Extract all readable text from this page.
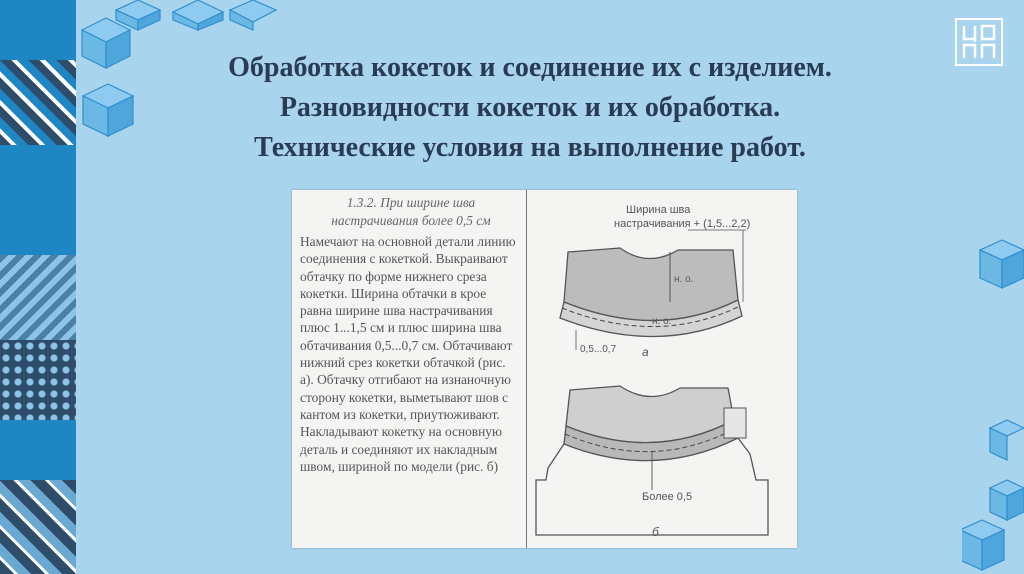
Обработка кокеток и соединение их с изделием.
Разновидности кокеток и их обработка.
Технические условия на выполнение работ.
1.3.2. При ширине шва
настрачивания более 0,5 см
Намечают на основной детали линию соединения с кокеткой. Выкраивают обтачку по форме нижнего среза кокетки. Ширина обтачки в крое равна ширине шва настрачивания плюс 1...1,5 см и плюс ширина шва обтачивания 0,5...0,7 см. Обтачивают нижний срез кокетки обтачкой (рис. а). Обтачку отгибают на изнаночную сторону кокетки, выметывают шов с кантом из кокетки, приутюживают. Накладывают кокетку на основную деталь и соединяют их накладным швом, шириной по модели (рис. б)
Ширина шва
настрачивания + (1,5...2,2)
н. о.
н. о.
0,5...0,7 а
Более 0,5
б
